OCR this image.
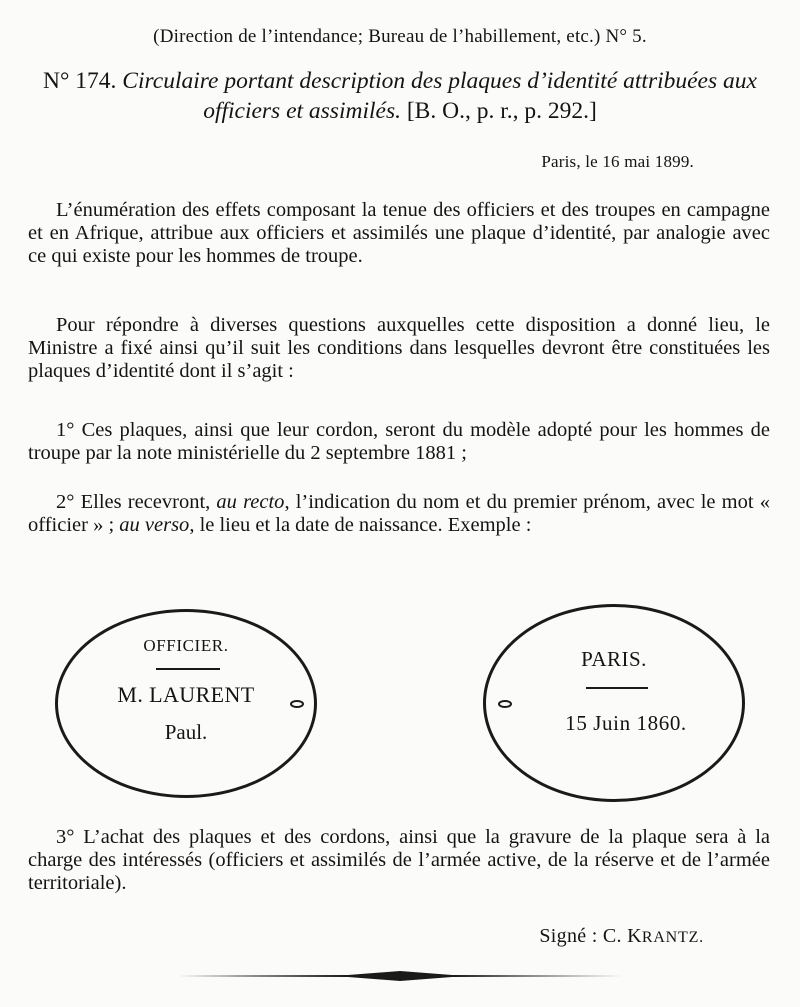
(Direction de l’intendance; Bureau de l’habillement, etc.) N° 5.
N° 174. Circulaire portant description des plaques d’identité attribuées aux officiers et assimilés. [B. O., p. r., p. 292.]
Paris, le 16 mai 1899.
L’énumération des effets composant la tenue des officiers et des troupes en campagne et en Afrique, attribue aux officiers et assimilés une plaque d’identité, par analogie avec ce qui existe pour les hommes de troupe.
Pour répondre à diverses questions auxquelles cette disposition a donné lieu, le Ministre a fixé ainsi qu’il suit les conditions dans lesquelles devront être constituées les plaques d’identité dont il s’agit :
1° Ces plaques, ainsi que leur cordon, seront du modèle adopté pour les hommes de troupe par la note ministérielle du 2 septembre 1881 ;
2° Elles recevront, au recto, l’indication du nom et du premier prénom, avec le mot « officier » ; au verso, le lieu et la date de naissance. Exemple :
OFFICIER.
M. LAURENT
Paul.
PARIS.
15 Juin 1860.
3° L’achat des plaques et des cordons, ainsi que la gravure de la plaque sera à la charge des intéressés (officiers et assimilés de l’armée active, de la réserve et de l’armée territoriale).
Signé : C. KRANTZ.
